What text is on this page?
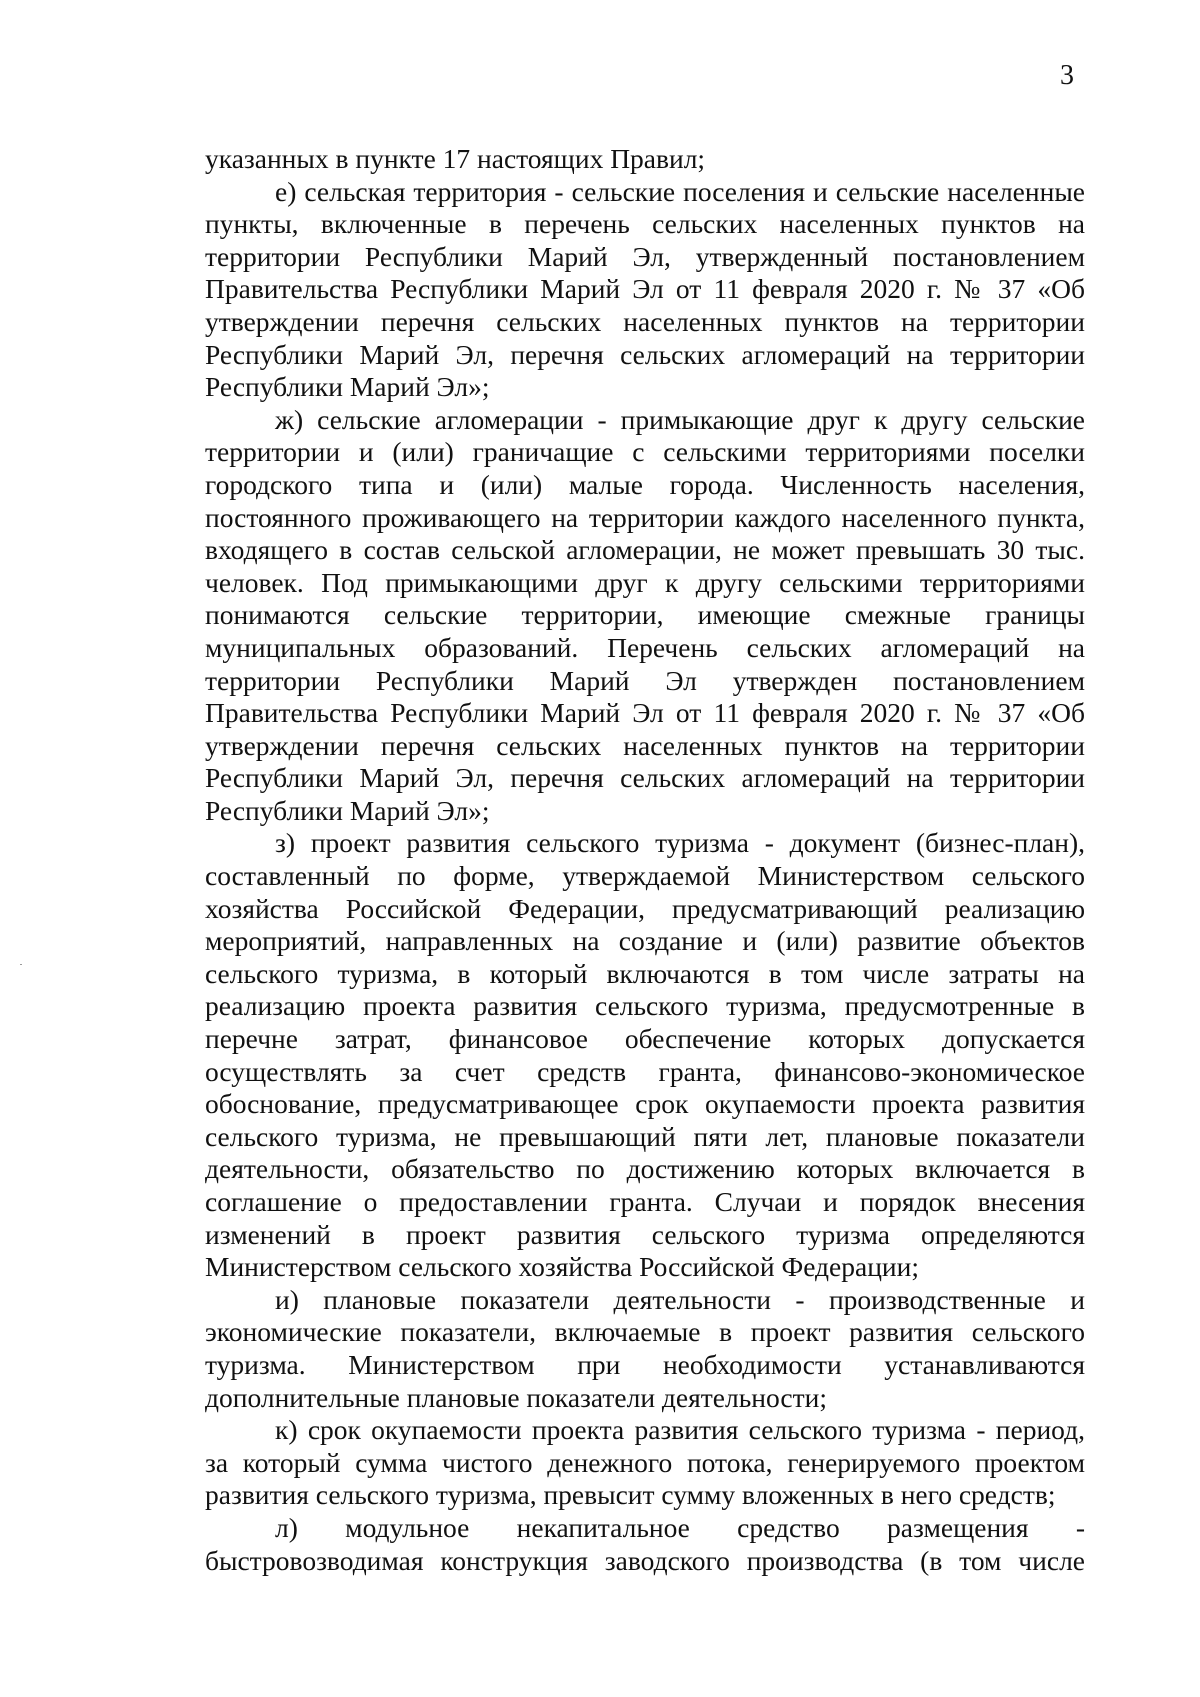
3

указанных в пункте 17 настоящих Правил;

е) сельская территория - сельские поселения и сельские населенные пункты, включенные в перечень сельских населенных пунктов на территории Республики Марий Эл, утвержденный постановлением Правительства Республики Марий Эл от 11 февраля 2020 г. № 37 «Об утверждении перечня сельских населенных пунктов на территории Республики Марий Эл, перечня сельских агломераций на территории Республики Марий Эл»;

ж) сельские агломерации - примыкающие друг к другу сельские территории и (или) граничащие с сельскими территориями поселки городского типа и (или) малые города. Численность населения, постоянного проживающего на территории каждого населенного пункта, входящего в состав сельской агломерации, не может превышать 30 тыс. человек. Под примыкающими друг к другу сельскими территориями понимаются сельские территории, имеющие смежные границы муниципальных образований. Перечень сельских агломераций на территории Республики Марий Эл утвержден постановлением Правительства Республики Марий Эл от 11 февраля 2020 г. № 37 «Об утверждении перечня сельских населенных пунктов на территории Республики Марий Эл, перечня сельских агломераций на территории Республики Марий Эл»;

з) проект развития сельского туризма - документ (бизнес-план), составленный по форме, утверждаемой Министерством сельского хозяйства Российской Федерации, предусматривающий реализацию мероприятий, направленных на создание и (или) развитие объектов сельского туризма, в который включаются в том числе затраты на реализацию проекта развития сельского туризма, предусмотренные в перечне затрат, финансовое обеспечение которых допускается осуществлять за счет средств гранта, финансово-экономическое обоснование, предусматривающее срок окупаемости проекта развития сельского туризма, не превышающий пяти лет, плановые показатели деятельности, обязательство по достижению которых включается в соглашение о предоставлении гранта. Случаи и порядок внесения изменений в проект развития сельского туризма определяются Министерством сельского хозяйства Российской Федерации;

и) плановые показатели деятельности - производственные и экономические показатели, включаемые в проект развития сельского туризма. Министерством при необходимости устанавливаются дополнительные плановые показатели деятельности;

к) срок окупаемости проекта развития сельского туризма - период, за который сумма чистого денежного потока, генерируемого проектом развития сельского туризма, превысит сумму вложенных в него средств;

л) модульное некапитальное средство размещения - быстровозводимая конструкция заводского производства (в том числе
